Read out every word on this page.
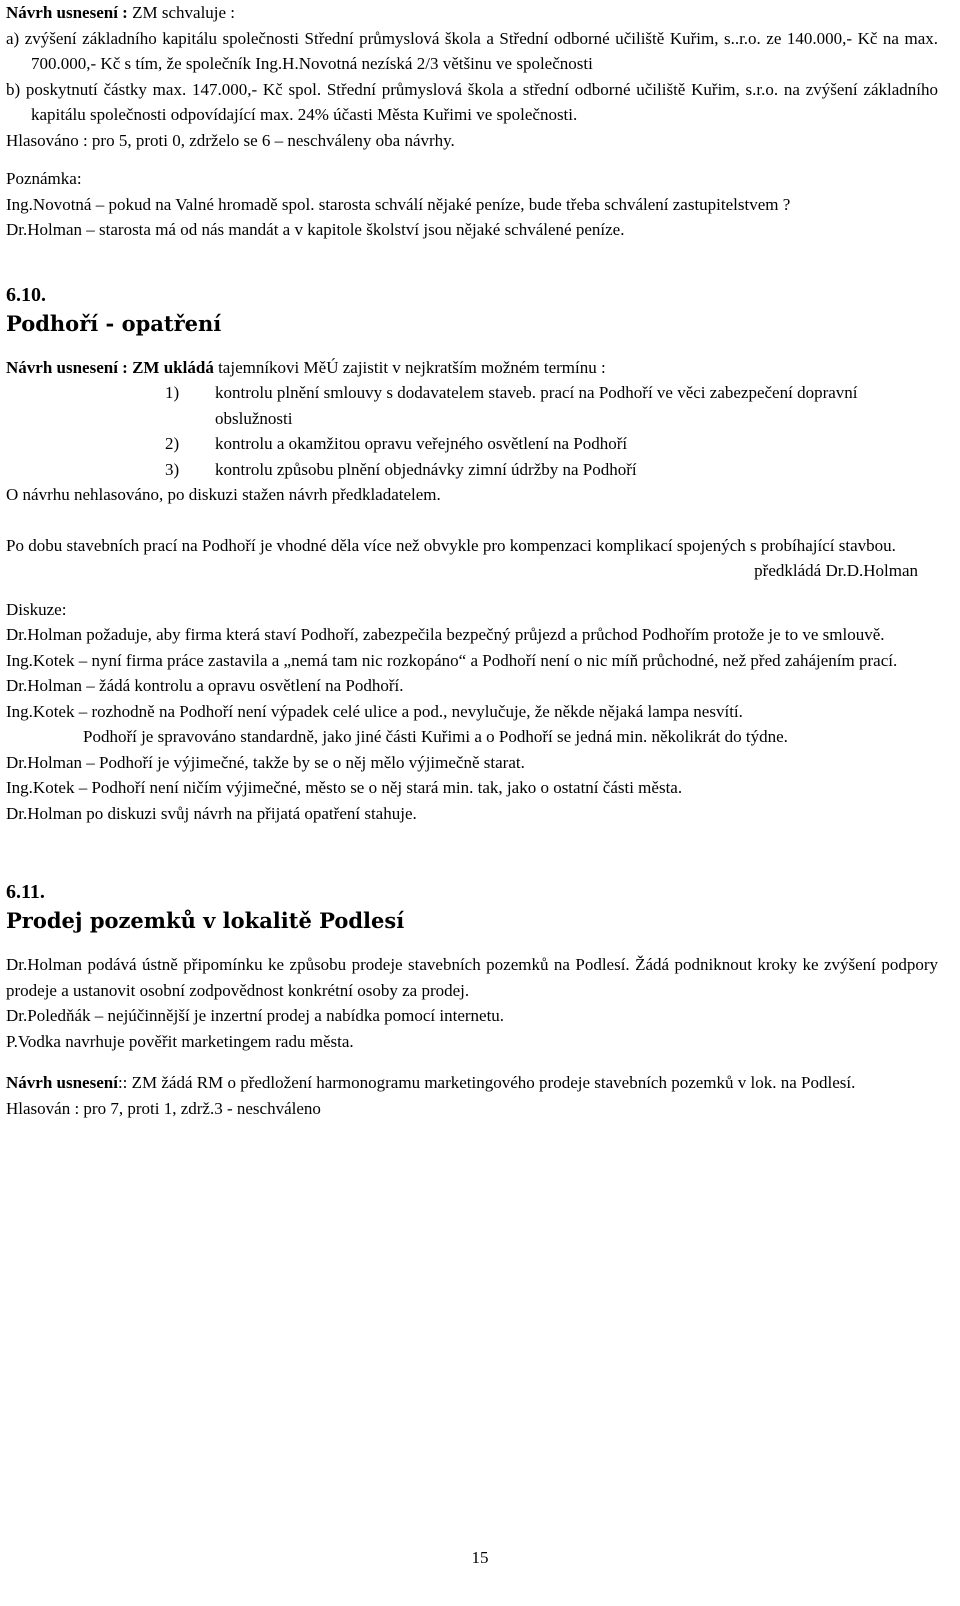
Návrh usnesení : ZM schvaluje :

a) zvýšení základního kapitálu společnosti Střední průmyslová škola a Střední odborné učiliště Kuřim, s..r.o. ze 140.000,- Kč na max. 700.000,- Kč s tím, že společník Ing.H.Novotná nezíská 2/3 většinu ve společnosti

b) poskytnutí částky max. 147.000,- Kč spol. Střední průmyslová škola a střední odborné učiliště Kuřim, s.r.o. na zvýšení základního kapitálu společnosti odpovídající max. 24% účasti Města Kuřimi ve společnosti.

Hlasováno : pro 5, proti 0, zdrželo se 6 – neschváleny oba návrhy.

Poznámka:

Ing.Novotná – pokud na Valné hromadě spol. starosta schválí nějaké peníze, bude třeba schválení zastupitelstvem ?

Dr.Holman – starosta má od nás mandát a v kapitole školství jsou nějaké schválené peníze.

6.10.

Podhoří - opatření

Návrh usnesení : ZM ukládá tajemníkovi MěÚ zajistit v nejkratším možném termínu :

1)	kontrolu plnění smlouvy s dodavatelem staveb. prací na Podhoří ve věci zabezpečení dopravní obslužnosti
2)	kontrolu a okamžitou opravu veřejného osvětlení na Podhoří
3)	kontrolu způsobu plnění objednávky zimní údržby na Podhoří

O návrhu nehlasováno, po diskuzi stažen návrh předkladatelem.

Po dobu stavebních prací na Podhoří je vhodné děla více než obvykle pro kompenzaci komplikací spojených s probíhající stavbou.

předkládá Dr.D.Holman

Diskuze:

Dr.Holman požaduje, aby firma která staví Podhoří, zabezpečila bezpečný průjezd a průchod Podhořím protože je to ve smlouvě.

Ing.Kotek – nyní firma práce zastavila a „nemá tam nic rozkopáno“ a Podhoří není o nic míň průchodné, než před zahájením prací.

Dr.Holman – žádá kontrolu a opravu osvětlení na Podhoří.

Ing.Kotek – rozhodně na Podhoří není výpadek celé ulice a pod., nevylučuje, že někde nějaká lampa nesvítí.

Podhoří je spravováno standardně, jako jiné části Kuřimi a o Podhoří se jedná min. několikrát do týdne.

Dr.Holman – Podhoří je výjimečné, takže by se o něj mělo výjimečně starat.

Ing.Kotek – Podhoří není ničím výjimečné, město se o něj stará min. tak, jako o ostatní části města.

Dr.Holman po diskuzi svůj návrh na přijatá opatření stahuje.

6.11.

Prodej pozemků v lokalitě Podlesí

Dr.Holman podává ústně připomínku ke způsobu prodeje stavebních pozemků na Podlesí. Žádá podniknout kroky ke zvýšení podpory prodeje a ustanovit osobní zodpovědnost konkrétní osoby za prodej.

Dr.Poledňák – nejúčinnější je inzertní prodej a nabídka pomocí internetu.

P.Vodka navrhuje pověřit marketingem radu města.

Návrh usnesení:: ZM žádá RM o předložení harmonogramu marketingového prodeje stavebních pozemků v lok. na Podlesí.

Hlasován : pro 7, proti 1, zdrž.3 - neschváleno

15
